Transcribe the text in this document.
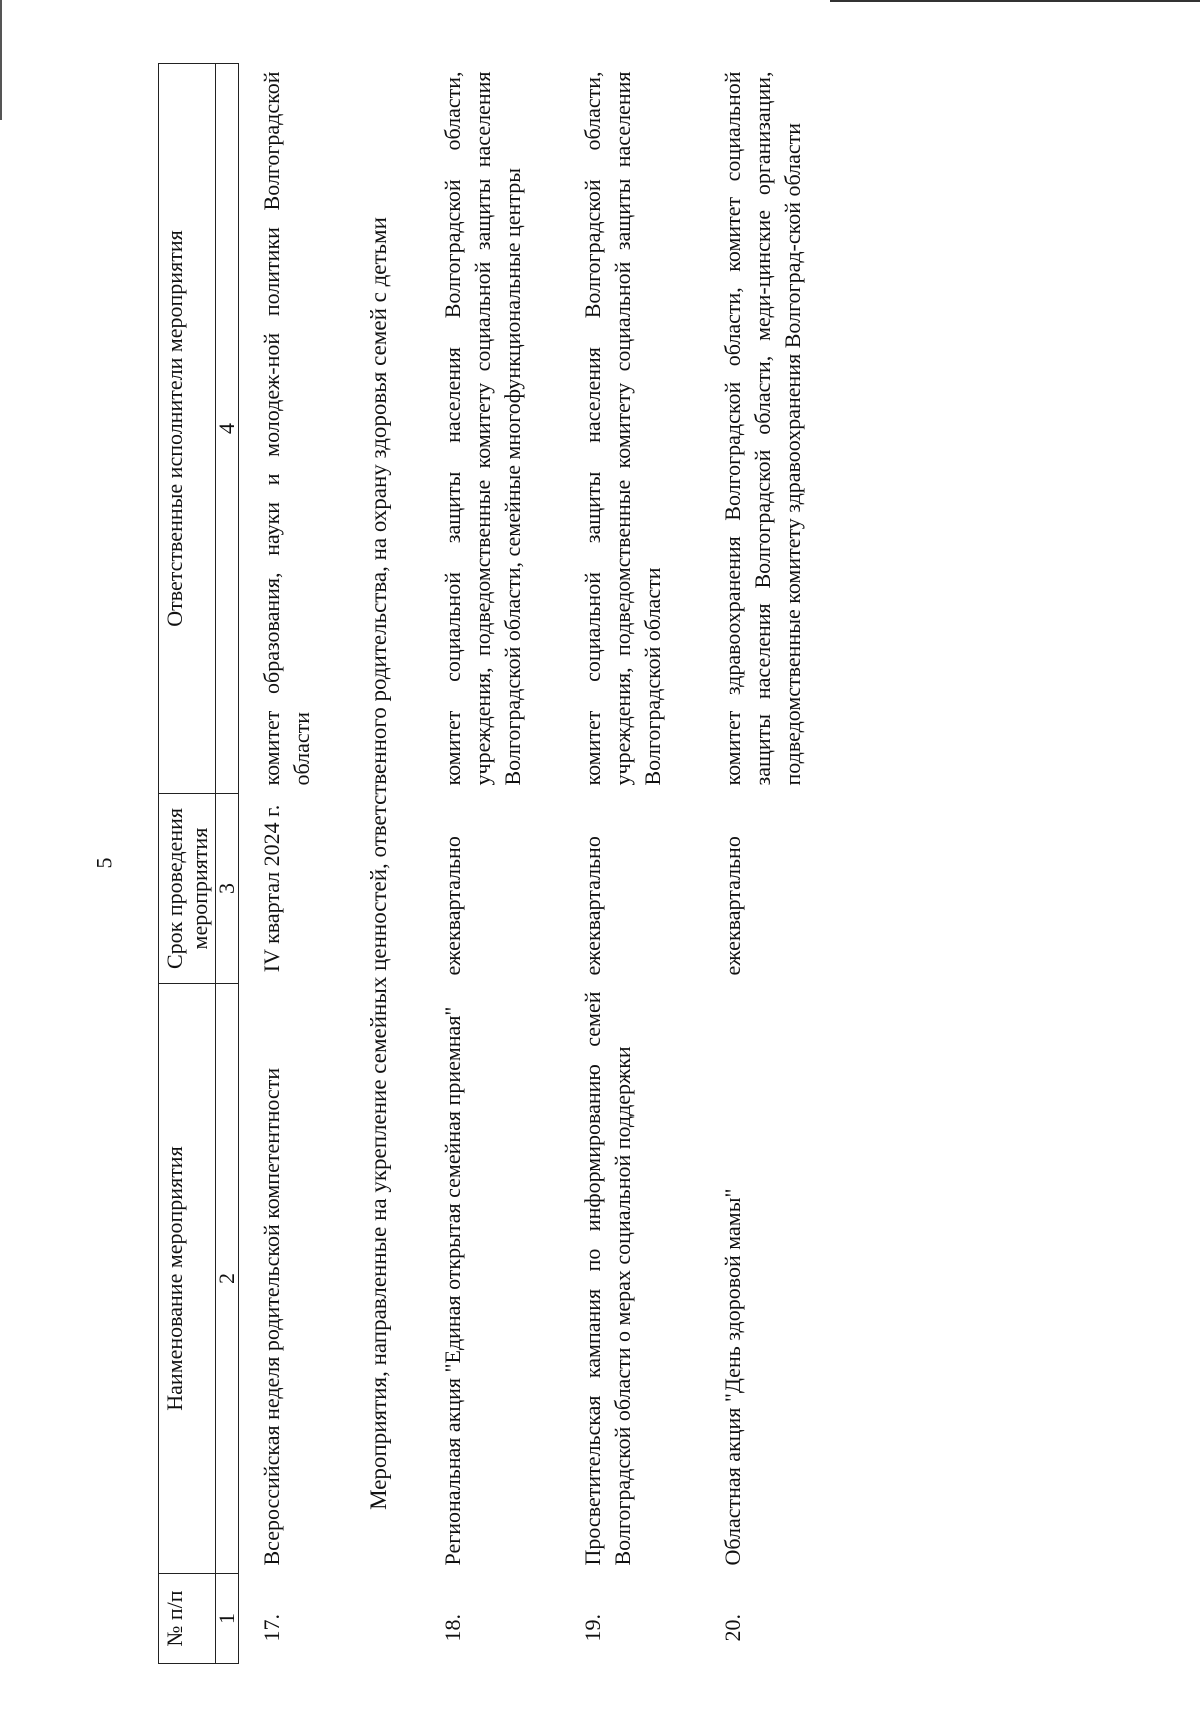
5
№ п/п	Наименование мероприятия	Срок проведения мероприятия	Ответственные исполнители мероприятия
1	2	3	4

17.	Всероссийская неделя родительской компетентности	IV квартал 2024 г.	комитет образования, науки и молодеж-ной политики Волгоградской области
Мероприятия, направленные на укрепление семейных ценностей, ответственного родительства, на охрану здоровья семей с детьми			
18.	Региональная акция "Единая открытая семейная приемная"	ежеквартально	комитет социальной защиты населения Волгоградской области, учреждения, подведомственные комитету социальной защиты населения Волгоградской области, семейные многофункциональные центры
19.	Просветительская кампания по информированию семей Волгоградской области о мерах социальной поддержки	ежеквартально	комитет социальной защиты населения Волгоградской области, учреждения, подведомственные комитету социальной защиты населения Волгоградской области
20.	Областная акция "День здоровой мамы"	ежеквартально	комитет здравоохранения Волгоградской области, комитет социальной защиты населения Волгоградской области, меди-цинские организации, подведомственные комитету здравоохранения Волгоград-ской области
